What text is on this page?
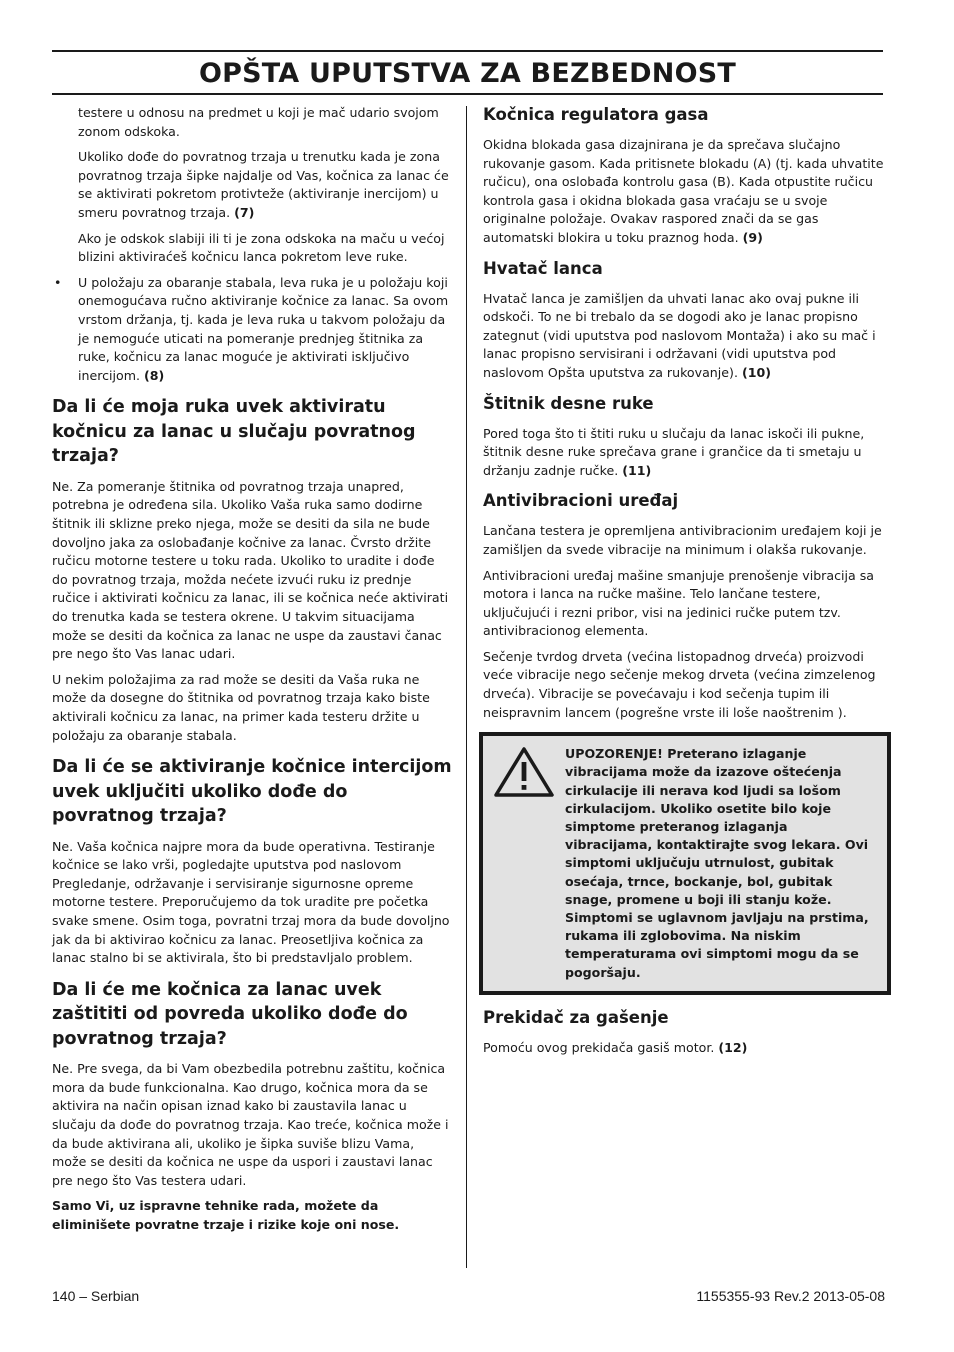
OPŠTA UPUTSTVA ZA BEZBEDNOST

testere u odnosu na predmet u koji je mač udario svojom zonom odskoka.

Ukoliko dođe do povratnog trzaja u trenutku kada je zona povratnog trzaja šipke najdalje od Vas, kočnica za lanac će se aktivirati pokretom protivteže (aktiviranje inercijom) u smeru povratnog trzaja. (7)

Ako je odskok slabiji ili ti je zona odskoka na maču u većoj blizini aktiviraćeš kočnicu lanca pokretom leve ruke.

• U položaju za obaranje stabala, leva ruka je u položaju koji onemogućava ručno aktiviranje kočnice za lanac. Sa ovom vrstom držanja, tj. kada je leva ruka u takvom položaju da je nemoguće uticati na pomeranje prednjeg štitnika za ruke, kočnicu za lanac moguće je aktivirati isključivo inercijom. (8)

Da li će moja ruka uvek aktiviratu kočnicu za lanac u slučaju povratnog trzaja?

Ne. Za pomeranje štitnika od povratnog trzaja unapred, potrebna je određena sila. Ukoliko Vaša ruka samo dodirne štitnik ili sklizne preko njega, može se desiti da sila ne bude dovoljno jaka za oslobađanje kočnive za lanac. Čvrsto držite ručicu motorne testere u toku rada. Ukoliko to uradite i dođe do povratnog trzaja, možda nećete izvući ruku iz prednje ručice i aktivirati kočnicu za lanac, ili se kočnica neće aktivirati do trenutka kada se testera okrene. U takvim situacijama može se desiti da kočnica za lanac ne uspe da zaustavi čanac pre nego što Vas lanac udari.

U nekim položajima za rad može se desiti da Vaša ruka ne može da dosegne do štitnika od povratnog trzaja kako biste aktivirali kočnicu za lanac, na primer kada testeru držite u položaju za obaranje stabala.

Da li će se aktiviranje kočnice intercijom uvek uključiti ukoliko dođe do povratnog trzaja?

Ne. Vaša kočnica najpre mora da bude operativna. Testiranje kočnice se lako vrši, pogledajte uputstva pod naslovom Pregledanje, održavanje i servisiranje sigurnosne opreme motorne testere. Preporučujemo da tok uradite pre početka svake smene. Osim toga, povratni trzaj mora da bude dovoljno jak da bi aktivirao kočnicu za lanac. Preosetljiva kočnica za lanac stalno bi se aktivirala, što bi predstavljalo problem.

Da li će me kočnica za lanac uvek zaštititi od povreda ukoliko dođe do povratnog trzaja?

Ne. Pre svega, da bi Vam obezbedila potrebnu zaštitu, kočnica mora da bude funkcionalna. Kao drugo, kočnica mora da se aktivira na način opisan iznad kako bi zaustavila lanac u slučaju da dođe do povratnog trzaja. Kao treće, kočnica može i da bude aktivirana ali, ukoliko je šipka suviše blizu Vama, može se desiti da kočnica ne uspe da uspori i zaustavi lanac pre nego što Vas testera udari.

Samo Vi, uz ispravne tehnike rada, možete da eliminišete povratne trzaje i rizike koje oni nose.

Kočnica regulatora gasa

Okidna blokada gasa dizajnirana je da sprečava slučajno rukovanje gasom. Kada pritisnete blokadu (A) (tj. kada uhvatite ručicu), ona oslobađa kontrolu gasa (B). Kada otpustite ručicu kontrola gasa i okidna blokada gasa vraćaju se u svoje originalne položaje. Ovakav raspored znači da se gas automatski blokira u toku praznog hoda. (9)

Hvatač lanca

Hvatač lanca je zamišljen da uhvati lanac ako ovaj pukne ili odskoči. To ne bi trebalo da se dogodi ako je lanac propisno zategnut (vidi uputstva pod naslovom Montaža) i ako su mač i lanac propisno servisirani i održavani (vidi uputstva pod naslovom Opšta uputstva za rukovanje). (10)

Štitnik desne ruke

Pored toga što ti štiti ruku u slučaju da lanac iskoči ili pukne, štitnik desne ruke sprečava grane i grančice da ti smetaju u držanju zadnje ručke. (11)

Antivibracioni uređaj

Lančana testera je opremljena antivibracionim uređajem koji je zamišljen da svede vibracije na minimum i olakša rukovanje.

Antivibracioni uređaj mašine smanjuje prenošenje vibracija sa motora i lanca na ručke mašine. Telo lančane testere, uključujući i rezni pribor, visi na jedinici ručke putem tzv. antivibracionog elementa.

Sečenje tvrdog drveta (većina listopadnog drveća) proizvodi veće vibracije nego sečenje mekog drveta (većina zimzelenog drveća). Vibracije se povećavaju i kod sečenja tupim ili neispravnim lancem (pogrešne vrste ili loše naoštrenim ).

UPOZORENJE! Preterano izlaganje vibracijama može da izazove oštećenja cirkulacije ili nerava kod ljudi sa lošom cirkulacijom. Ukoliko osetite bilo koje simptome preteranog izlaganja vibracijama, kontaktirajte svog lekara. Ovi simptomi uključuju utrnulost, gubitak osećaja, trnce, bockanje, bol, gubitak snage, promene u boji ili stanju kože. Simptomi se uglavnom javljaju na prstima, rukama ili zglobovima. Na niskim temperaturama ovi simptomi mogu da se pogoršaju.

Prekidač za gašenje

Pomoću ovog prekidača gasiš motor. (12)

140 – Serbian	1155355-93 Rev.2 2013-05-08
